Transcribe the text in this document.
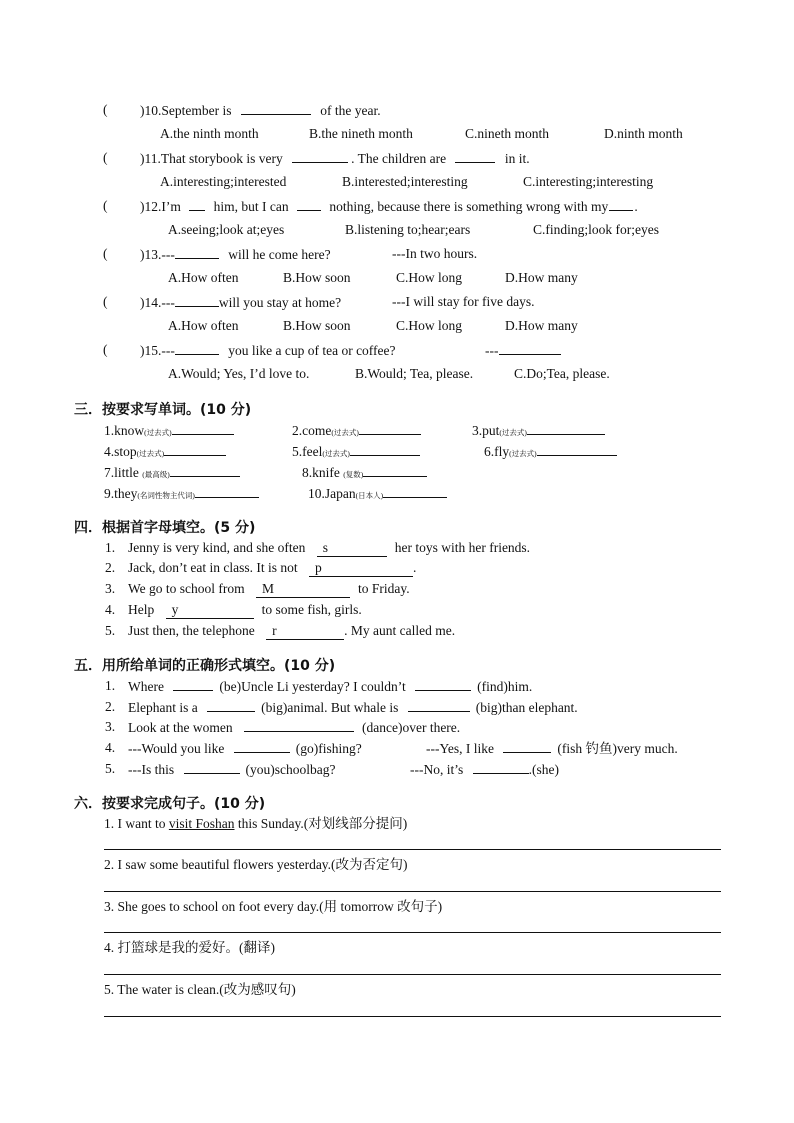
( )10.September is	of the year.
A.the ninth month	B.the nineth month	C.nineth month	D.ninth month
( )11.That storybook is very	. The children are	in it.
A.interesting;interested	B.interested;interesting	C.interesting;interesting
( )12.I’m him, but I can	nothing, because there is something wrong with my .
A.seeing;look at;eyes	B.listening to;hear;ears	C.finding;look for;eyes
( )13.---	will he come here?	---In two hours.
A.How often	B.How soon	C.How long	D.How many
( )14.---	will you stay at home?	---I will stay for five days.
A.How often	B.How soon	C.How long	D.How many
( )15.---	you like a cup of tea or coffee?	---
A.Would; Yes, I’d love to.	B.Would; Tea, please.	C.Do;Tea, please.
三．按要求写单词。(10 分)
1.know(过去式)	2.come(过去式)	3.put(过去式)
4.stop(过去式)	5.feel(过去式)	6.fly(过去式)
7.little (最高级)	8.knife (复数)
9.they(名词性物主代词)	10.Japan(日本人)
四．根据首字母填空。(5 分)
1. Jenny is very kind, and she often s	her toys with her friends.
2. Jack, don’t eat in class. It is not p	.
3. We go to school from M	to Friday.
4. Help y	to some fish, girls.
5. Just then, the telephone r	. My aunt called me.
五．用所给单词的正确形式填空。(10 分)
1. Where	(be)Uncle Li yesterday? I couldn’t	(find)him.
2. Elephant is a	(big)animal. But whale is	(big)than elephant.
3. Look at the women	(dance)over there.
4. ---Would you like	(go)fishing?	---Yes, I like	(fish 钓鱼)very much.
5. ---Is this	(you)schoolbag?	---No, it’s	.(she)
六．按要求完成句子。(10 分)
1. I want to visit Foshan this Sunday.(对划线部分提问)
2. I saw some beautiful flowers yesterday.(改为否定句)
3. She goes to school on foot every day.(用 tomorrow 改句子)
4. 打篮球是我的爱好。(翻译)
5. The water is clean.(改为感叹句)
